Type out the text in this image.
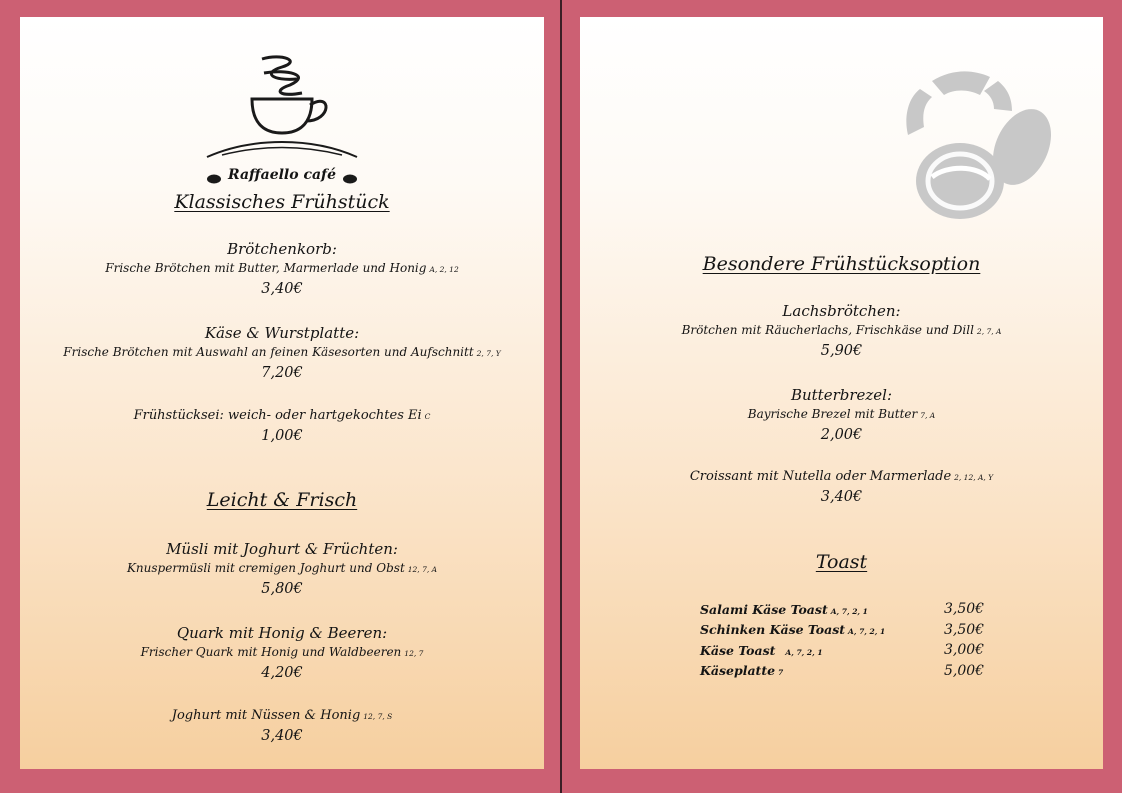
Raffaello café
Klassisches Frühstück
Brötchenkorb:
Frische Brötchen mit Butter, Marmerlade und Honig A, 2, 12
3,40€
Käse & Wurstplatte:
Frische Brötchen mit Auswahl an feinen Käsesorten und Aufschnitt 2, 7, Y
7,20€
Frühstücksei: weich- oder hartgekochtes Ei C
1,00€
Leicht & Frisch
Müsli mit Joghurt & Früchten:
Knuspermüsli mit cremigen Joghurt und Obst 12, 7, A
5,80€
Quark mit Honig & Beeren:
Frischer Quark mit Honig und Waldbeeren 12, 7
4,20€
Joghurt mit Nüssen & Honig 12, 7, S
3,40€
Besondere Frühstücksoption
Lachsbrötchen:
Brötchen mit Räucherlachs, Frischkäse und Dill 2, 7, A
5,90€
Butterbrezel:
Bayrische Brezel mit Butter 7, A
2,00€
Croissant mit Nutella oder Marmerlade 2, 12, A, Y
3,40€
Toast
Salami Käse Toast A, 7, 2, 1	3,50€
Schinken Käse Toast A, 7, 2, 1	3,50€
Käse Toast A, 7, 2, 1	3,00€
Käseplatte 7	5,00€
